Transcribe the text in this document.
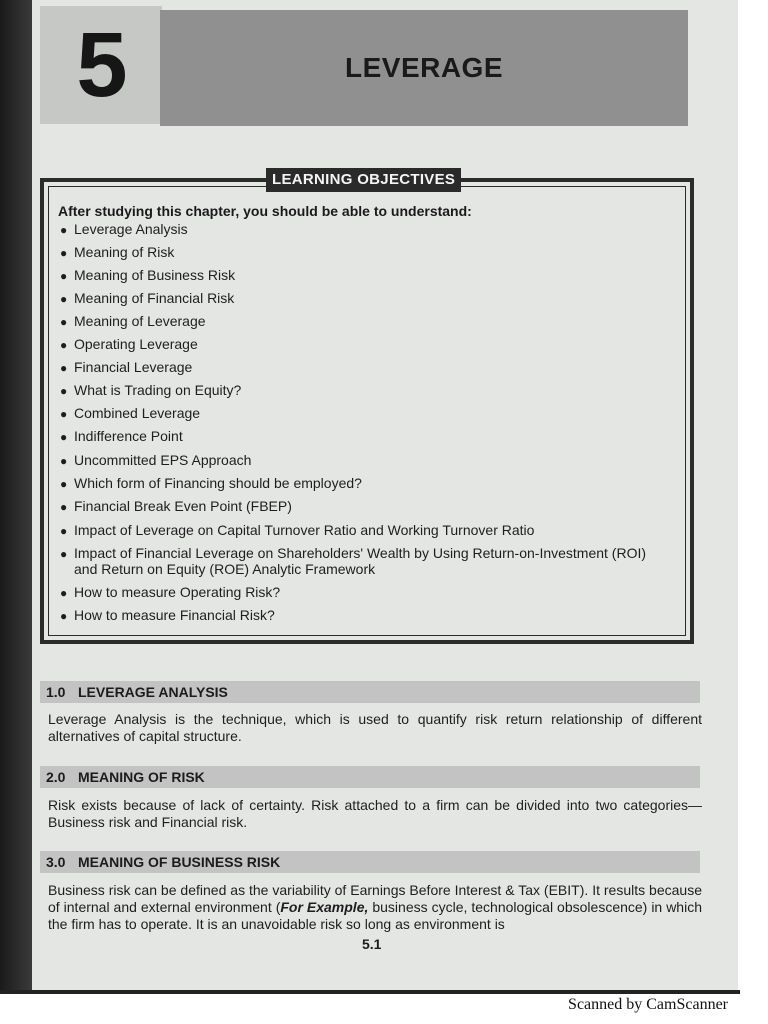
5	LEVERAGE
LEARNING OBJECTIVES
After studying this chapter, you should be able to understand:
● Leverage Analysis
● Meaning of Risk
● Meaning of Business Risk
● Meaning of Financial Risk
● Meaning of Leverage
● Operating Leverage
● Financial Leverage
● What is Trading on Equity?
● Combined Leverage
● Indifference Point
● Uncommitted EPS Approach
● Which form of Financing should be employed?
● Financial Break Even Point (FBEP)
● Impact of Leverage on Capital Turnover Ratio and Working Turnover Ratio
● Impact of Financial Leverage on Shareholders' Wealth by Using Return-on-Investment (ROI) and Return on Equity (ROE) Analytic Framework
● How to measure Operating Risk?
● How to measure Financial Risk?
1.0 LEVERAGE ANALYSIS
Leverage Analysis is the technique, which is used to quantify risk return relationship of different alternatives of capital structure.
2.0 MEANING OF RISK
Risk exists because of lack of certainty. Risk attached to a firm can be divided into two categories— Business risk and Financial risk.
3.0 MEANING OF BUSINESS RISK
Business risk can be defined as the variability of Earnings Before Interest & Tax (EBIT). It results because of internal and external environment (For Example, business cycle, technological obsolescence) in which the firm has to operate. It is an unavoidable risk so long as environment is
5.1
Scanned by CamScanner
